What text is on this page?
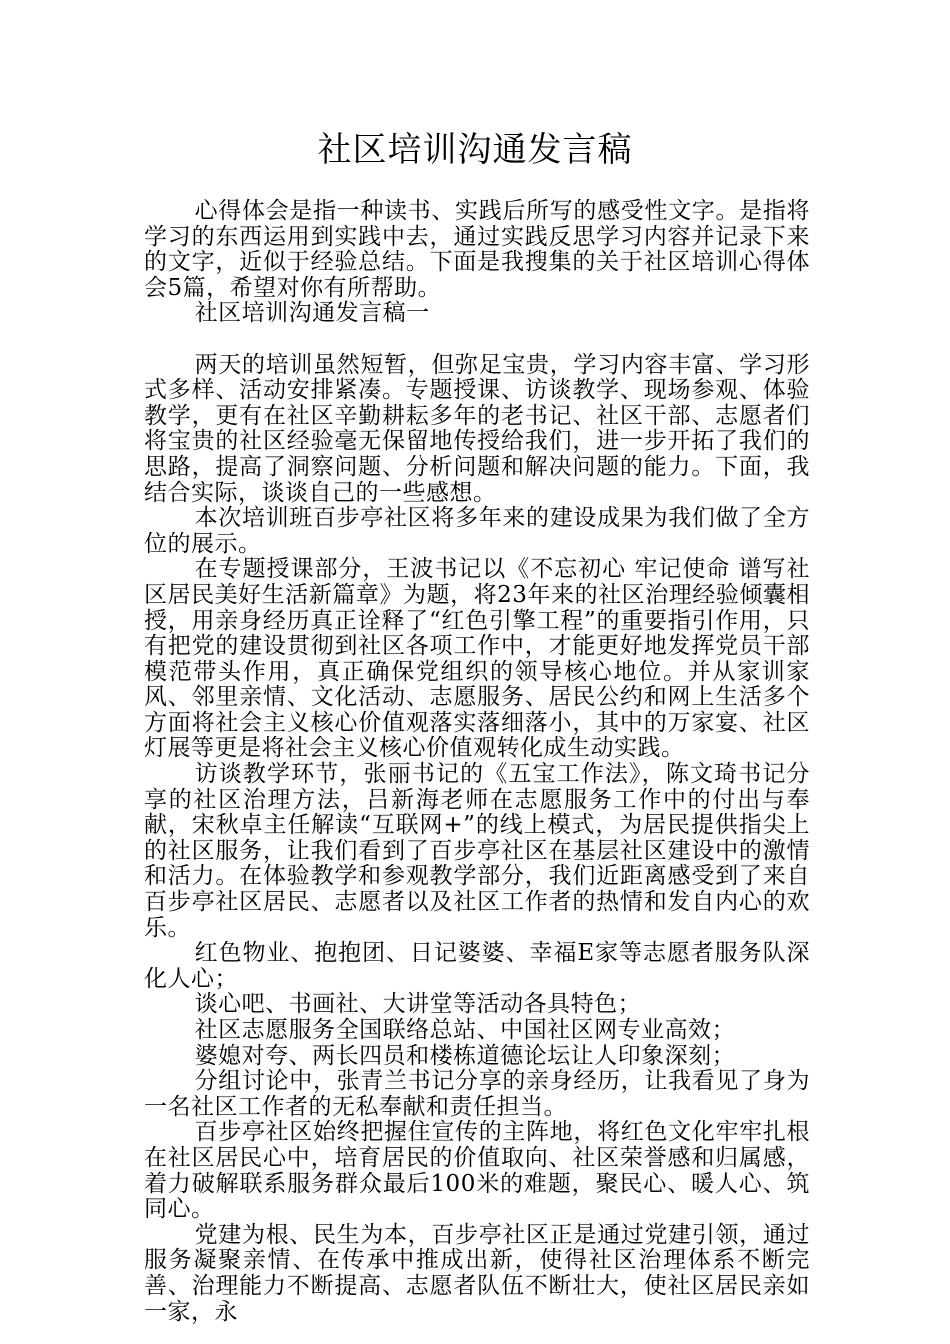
社区培训沟通发言稿

心得体会是指一种读书、实践后所写的感受性文字。是指将学习的东西运用到实践中去，通过实践反思学习内容并记录下来的文字，近似于经验总结。下面是我搜集的关于社区培训心得体会5篇，希望对你有所帮助。

社区培训沟通发言稿一

两天的培训虽然短暂，但弥足宝贵，学习内容丰富、学习形式多样、活动安排紧凑。专题授课、访谈教学、现场参观、体验教学，更有在社区辛勤耕耘多年的老书记、社区干部、志愿者们将宝贵的社区经验毫无保留地传授给我们，进一步开拓了我们的思路，提高了洞察问题、分析问题和解决问题的能力。下面，我结合实际，谈谈自己的一些感想。

本次培训班百步亭社区将多年来的建设成果为我们做了全方位的展示。

在专题授课部分，王波书记以《不忘初心 牢记使命 谱写社区居民美好生活新篇章》为题，将23年来的社区治理经验倾囊相授，用亲身经历真正诠释了“红色引擎工程”的重要指引作用，只有把党的建设贯彻到社区各项工作中，才能更好地发挥党员干部模范带头作用，真正确保党组织的领导核心地位。并从家训家风、邻里亲情、文化活动、志愿服务、居民公约和网上生活多个方面将社会主义核心价值观落实落细落小，其中的万家宴、社区灯展等更是将社会主义核心价值观转化成生动实践。

访谈教学环节，张丽书记的《五宝工作法》，陈文琦书记分享的社区治理方法，吕新海老师在志愿服务工作中的付出与奉献，宋秋卓主任解读“互联网+”的线上模式，为居民提供指尖上的社区服务，让我们看到了百步亭社区在基层社区建设中的激情和活力。在体验教学和参观教学部分，我们近距离感受到了来自百步亭社区居民、志愿者以及社区工作者的热情和发自内心的欢乐。

红色物业、抱抱团、日记婆婆、幸福E家等志愿者服务队深化人心；

谈心吧、书画社、大讲堂等活动各具特色；

社区志愿服务全国联络总站、中国社区网专业高效；

婆媳对夸、两长四员和楼栋道德论坛让人印象深刻；

分组讨论中，张青兰书记分享的亲身经历，让我看见了身为一名社区工作者的无私奉献和责任担当。

百步亭社区始终把握住宣传的主阵地，将红色文化牢牢扎根在社区居民心中，培育居民的价值取向、社区荣誉感和归属感，着力破解联系服务群众最后100米的难题，聚民心、暖人心、筑同心。

党建为根、民生为本，百步亭社区正是通过党建引领，通过服务凝聚亲情、在传承中推成出新，使得社区治理体系不断完善、治理能力不断提高、志愿者队伍不断壮大，使社区居民亲如一家，永
